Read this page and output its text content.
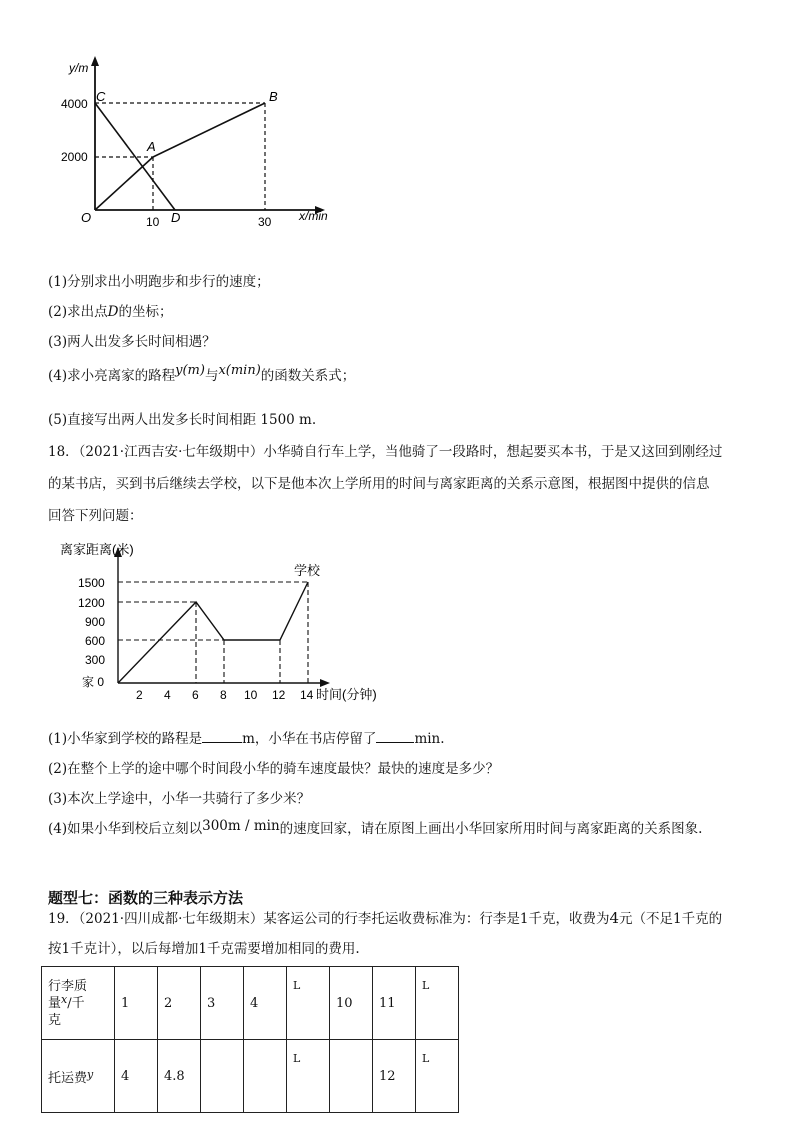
y/m
4000
2000
10	30 x/min
O
C
A
B
D
(1)分别求出小明跑步和步行的速度；
(2)求出点D的坐标；
(3)两人出发多长时间相遇？
(4)求小亮离家的路程y(m)与x(min)的函数关系式；
(5)直接写出两人出发多长时间相距 1500 m.
18．（2021·江西吉安·七年级期中）小华骑自行车上学，当他骑了一段路时，想起要买本书，于是又这回到刚经过
的某书店，买到书后继续去学校，以下是他本次上学所用的时间与离家距离的关系示意图，根据图中提供的信息
回答下列问题：
离家距离(米)
1500
1200
900
600
300
家 0
2 4 6 8 10 12 14 时间(分钟)
学校
(1)小华家到学校的路程是	m，小华在书店停留了	min.
(2)在整个上学的途中哪个时间段小华的骑车速度最快？最快的速度是多少？
(3)本次上学途中，小华一共骑行了多少米？
(4)如果小华到校后立刻以300m / min的速度回家，请在原图上画出小华回家所用时间与离家距离的关系图象.
题型七：函数的三种表示方法
19．（2021·四川成都·七年级期末）某客运公司的行李托运收费标准为：行李是1千克，收费为4元（不足1千克的
行李质
量$^x$/千
克	1	2	3	4	L	10	11	L
托运费$^y$	4	4.8			L		12	L
按1千克计），以后每增加1千克需要增加相同的费用.
